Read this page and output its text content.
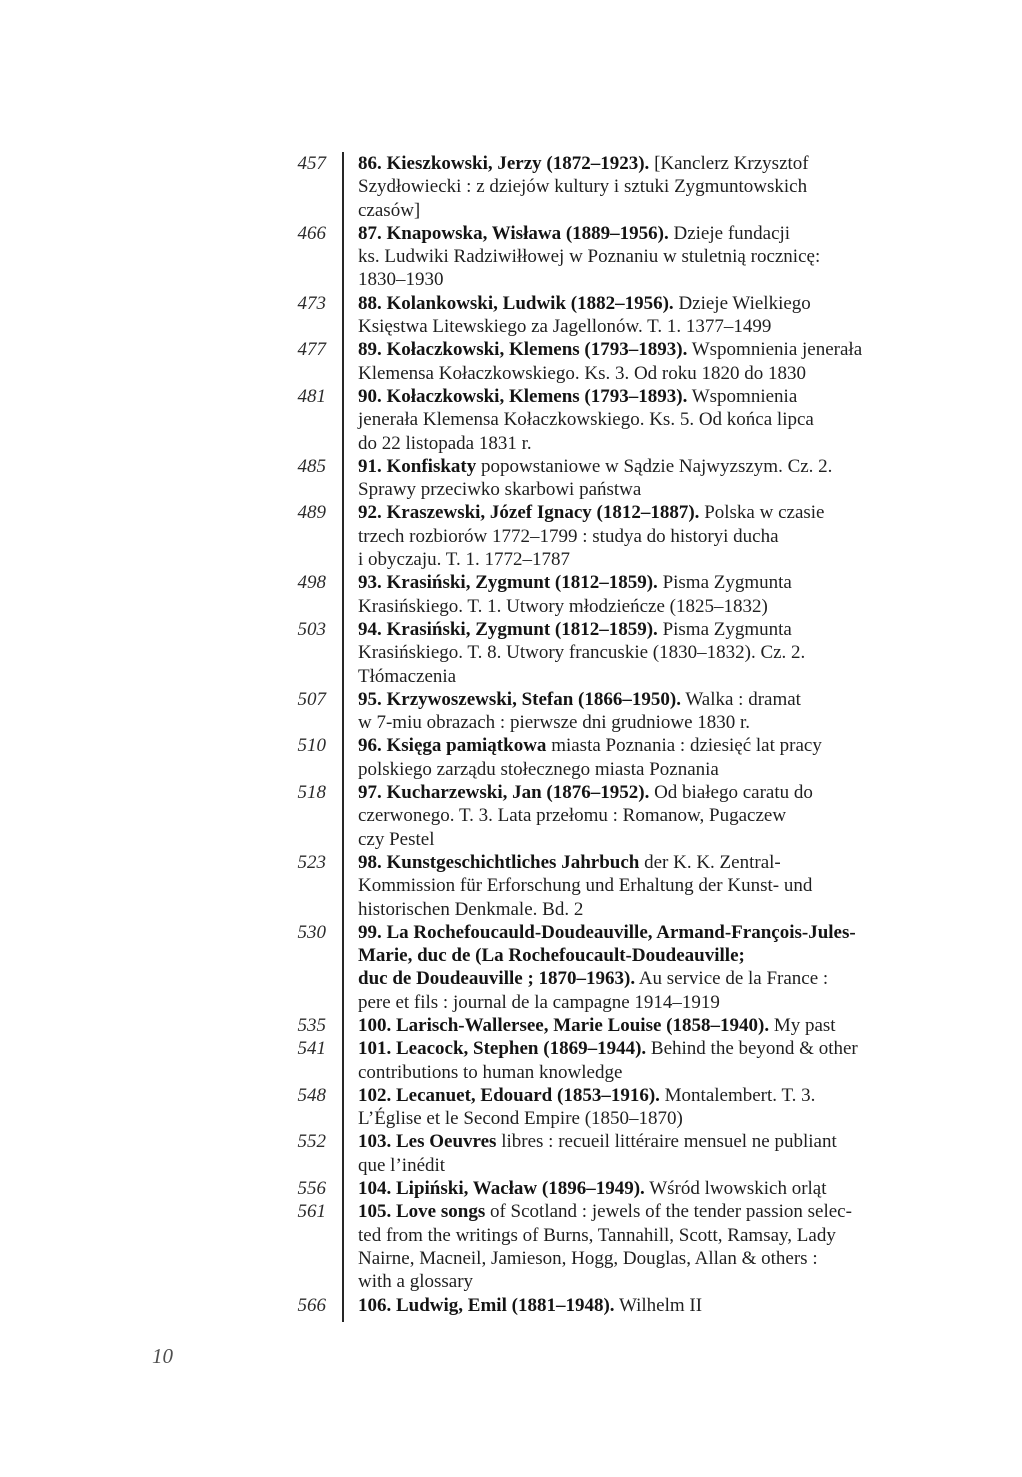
457 86. Kieszkowski, Jerzy (1872–1923). [Kanclerz Krzysztof
Szydłowiecki : z dziejów kultury i sztuki Zygmuntowskich
czasów]
466 87. Knapowska, Wisława (1889–1956). Dzieje fundacji
ks. Ludwiki Radziwiłłowej w Poznaniu w stuletnią rocznicę:
1830–1930
473 88. Kolankowski, Ludwik (1882–1956). Dzieje Wielkiego
Księstwa Litewskiego za Jagellonów. T. 1. 1377–1499
477 89. Kołaczkowski, Klemens (1793–1893). Wspomnienia jenerała
Klemensa Kołaczkowskiego. Ks. 3. Od roku 1820 do 1830
481 90. Kołaczkowski, Klemens (1793–1893). Wspomnienia
jenerała Klemensa Kołaczkowskiego. Ks. 5. Od końca lipca
do 22 listopada 1831 r.
485 91. Konfiskaty popowstaniowe w Sądzie Najwyzszym. Cz. 2.
Sprawy przeciwko skarbowi państwa
489 92. Kraszewski, Józef Ignacy (1812–1887). Polska w czasie
trzech rozbiorów 1772–1799 : studya do historyi ducha
i obyczaju. T. 1. 1772–1787
498 93. Krasiński, Zygmunt (1812–1859). Pisma Zygmunta
Krasińskiego. T. 1. Utwory młodzieńcze (1825–1832)
503 94. Krasiński, Zygmunt (1812–1859). Pisma Zygmunta
Krasińskiego. T. 8. Utwory francuskie (1830–1832). Cz. 2.
Tłómaczenia
507 95. Krzywoszewski, Stefan (1866–1950). Walka : dramat
w 7-miu obrazach : pierwsze dni grudniowe 1830 r.
510 96. Księga pamiątkowa miasta Poznania : dziesięć lat pracy
polskiego zarządu stołecznego miasta Poznania
518 97. Kucharzewski, Jan (1876–1952). Od białego caratu do
czerwonego. T. 3. Lata przełomu : Romanow, Pugaczew
czy Pestel
523 98. Kunstgeschichtliches Jahrbuch der K. K. Zentral-
Kommission für Erforschung und Erhaltung der Kunst- und
historischen Denkmale. Bd. 2
530 99. La Rochefoucauld-Doudeauville, Armand-François-Jules-
Marie, duc de (La Rochefoucault-Doudeauville;
duc de Doudeauville ; 1870–1963). Au service de la France :
pere et fils : journal de la campagne 1914–1919
535 100. Larisch-Wallersee, Marie Louise (1858–1940). My past
541 101. Leacock, Stephen (1869–1944). Behind the beyond & other
contributions to human knowledge
548 102. Lecanuet, Edouard (1853–1916). Montalembert. T. 3.
L’Église et le Second Empire (1850–1870)
552 103. Les Oeuvres libres : recueil littéraire mensuel ne publiant
que l’inédit
556 104. Lipiński, Wacław (1896–1949). Wśród lwowskich orląt
561 105. Love songs of Scotland : jewels of the tender passion selec-
ted from the writings of Burns, Tannahill, Scott, Ramsay, Lady
Nairne, Macneil, Jamieson, Hogg, Douglas, Allan & others :
with a glossary
566 106. Ludwig, Emil (1881–1948). Wilhelm II
10
